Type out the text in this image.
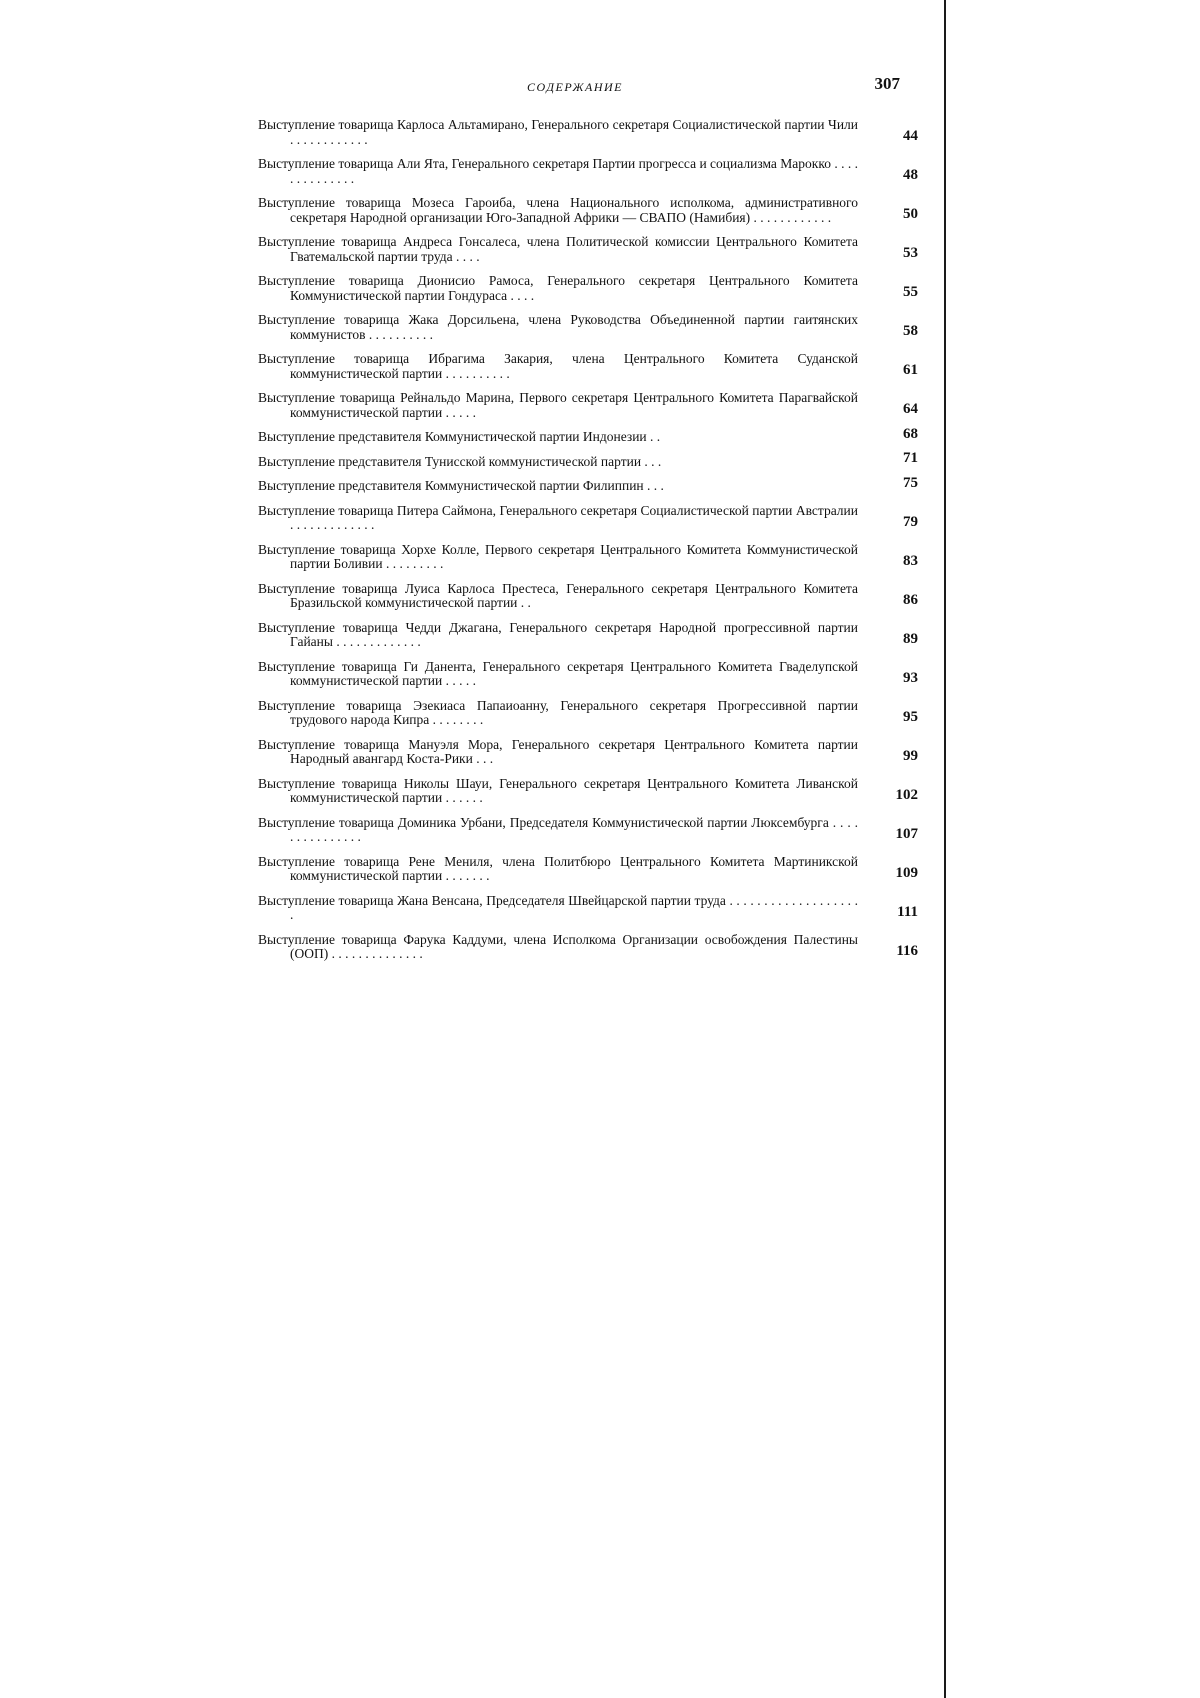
СОДЕРЖАНИЕ	307
Выступление товарища Карлоса Альтамирано, Генерального секретаря Социалистической партии Чили . . . . . . . . . . . .	44
Выступление товарища Али Ята, Генерального секретаря Партии прогресса и социализма Марокко . . . . . . . . . . . . . .	48
Выступление товарища Мозеса Гароиба, члена Национального исполкома, административного секретаря Народной организации Юго-Западной Африки — СВАПО (Намибия) . . . . . . . . . . . .	50
Выступление товарища Андреса Гонсалеса, члена Политической комиссии Центрального Комитета Гватемальской партии труда . . . .	53
Выступление товарища Дионисио Рамоса, Генерального секретаря Центрального Комитета Коммунистической партии Гондураса . . . .	55
Выступление товарища Жака Дорсильена, члена Руководства Объединенной партии гаитянских коммунистов . . . . . . . . . .	58
Выступление товарища Ибрагима Закария, члена Центрального Комитета Суданской коммунистической партии . . . . . . . . . .	61
Выступление товарища Рейнальдо Марина, Первого секретаря Центрального Комитета Парагвайской коммунистической партии . . . . .	64
Выступление представителя Коммунистической партии Индонезии . .	68
Выступление представителя Тунисской коммунистической партии . . .	71
Выступление представителя Коммунистической партии Филиппин . . .	75
Выступление товарища Питера Саймона, Генерального секретаря Социалистической партии Австралии . . . . . . . . . . . . .	79
Выступление товарища Хорхе Колле, Первого секретаря Центрального Комитета Коммунистической партии Боливии . . . . . . . . .	83
Выступление товарища Луиса Карлоса Престеса, Генерального секретаря Центрального Комитета Бразильской коммунистической партии . .	86
Выступление товарища Чедди Джагана, Генерального секретаря Народной прогрессивной партии Гайаны . . . . . . . . . . . . .	89
Выступление товарища Ги Данента, Генерального секретаря Центрального Комитета Гваделупской коммунистической партии . . . . .	93
Выступление товарища Эзекиаса Папаиоанну, Генерального секретаря Прогрессивной партии трудового народа Кипра . . . . . . . .	95
Выступление товарища Мануэля Мора, Генерального секретаря Центрального Комитета партии Народный авангард Коста-Рики . . .	99
Выступление товарища Николы Шауи, Генерального секретаря Центрального Комитета Ливанской коммунистической партии . . . . . .	102
Выступление товарища Доминика Урбани, Председателя Коммунистической партии Люксембурга . . . . . . . . . . . . . . .	107
Выступление товарища Рене Мениля, члена Политбюро Центрального Комитета Мартиникской коммунистической партии . . . . . . .	109
Выступление товарища Жана Венсана, Председателя Швейцарской партии труда . . . . . . . . . . . . . . . . . . . .	111
Выступление товарища Фарука Каддуми, члена Исполкома Организации освобождения Палестины (ООП) . . . . . . . . . . . . . .	116
